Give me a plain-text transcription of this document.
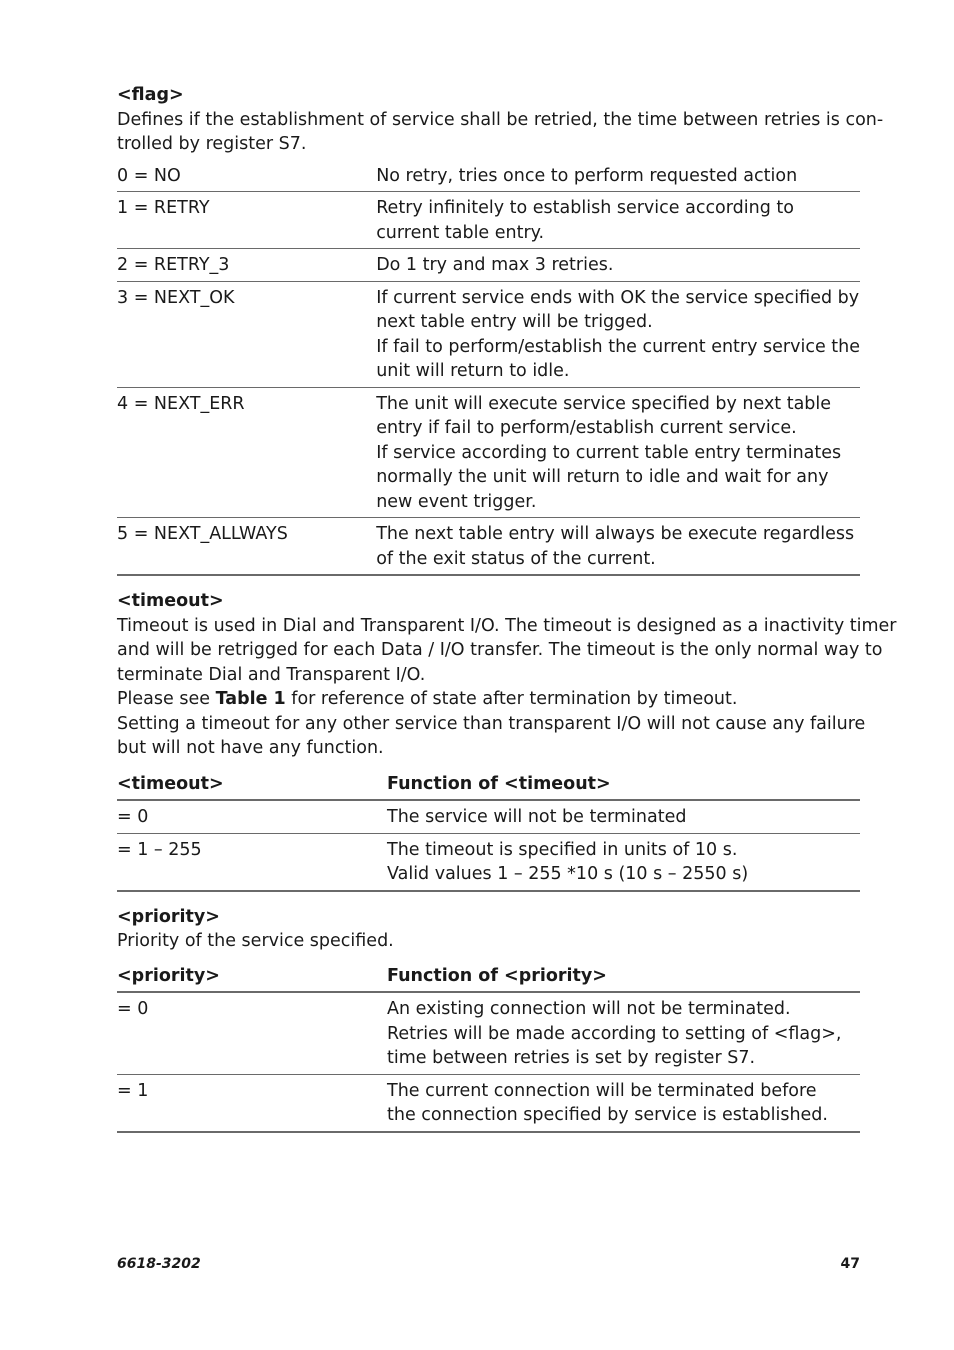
<flag>

Defines if the establishment of service shall be retried, the time between retries is con-
trolled by register S7.

0 = NO	No retry, tries once to perform requested action

1 = RETRY	Retry infinitely to establish service according to
current table entry.

2 = RETRY_3	Do 1 try and max 3 retries.

3 = NEXT_OK	If current service ends with OK the service specified by
next table entry will be trigged.
If fail to perform/establish the current entry service the
unit will return to idle.

4 = NEXT_ERR	The unit will execute service specified by next table
entry if fail to perform/establish current service.
If service according to current table entry terminates
normally the unit will return to idle and wait for any
new event trigger.

5 = NEXT_ALLWAYS	The next table entry will always be execute regardless
of the exit status of the current.

<timeout>

Timeout is used in Dial and Transparent I/O. The timeout is designed as a inactivity timer
and will be retrigged for each Data / I/O transfer. The timeout is the only normal way to
terminate Dial and Transparent I/O.
Please see Table 1 for reference of state after termination by timeout.
Setting a timeout for any other service than transparent I/O will not cause any failure
but will not have any function.

<timeout>	Function of <timeout>
= 0	The service will not be terminated

= 1 – 255	The timeout is specified in units of 10 s.
Valid values 1 – 255 *10 s (10 s – 2550 s)

<priority>

Priority of the service specified.

<priority>	Function of <priority>
= 0	An existing connection will not be terminated.
Retries will be made according to setting of <flag>,
time between retries is set by register S7.

= 1	The current connection will be terminated before
the connection specified by service is established.
6618-3202	47
